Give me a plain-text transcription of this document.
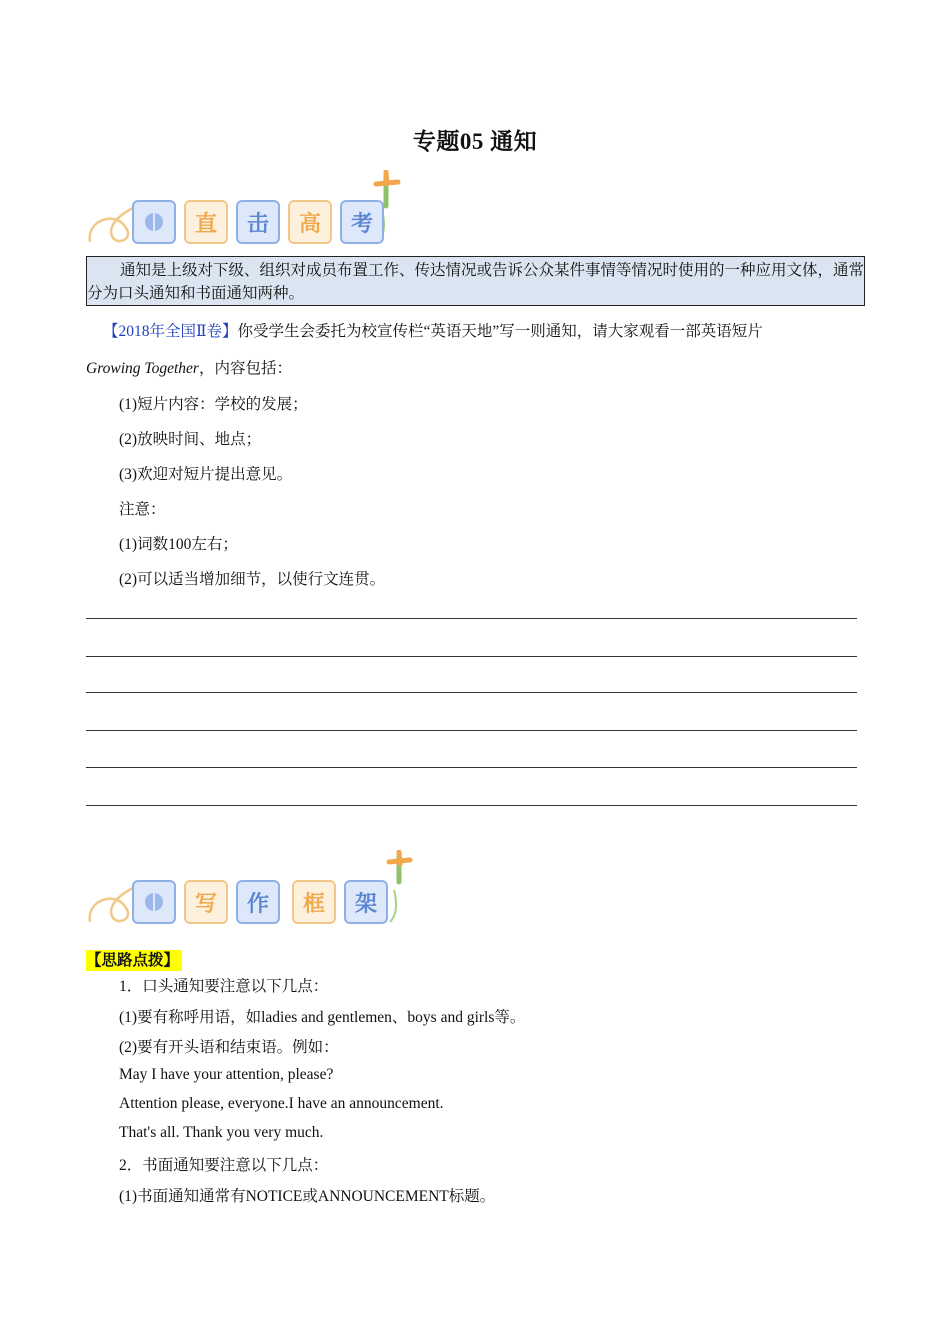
专题05 通知
直	击	高	考

通知是上级对下级、组织对成员布置工作、传达情况或告诉公众某件事情等情况时使用的一种应用文体，通常分为口头通知和书面通知两种。

【2018年全国Ⅱ卷】你受学生会委托为校宣传栏“英语天地”写一则通知，请大家观看一部英语短片
Growing Together，内容包括：
(1)短片内容：学校的发展；
(2)放映时间、地点；
(3)欢迎对短片提出意见。
注意：
(1)词数100左右；
(2)可以适当增加细节，以使行文连贯。
写	作	框	架
【思路点拨】
1．口头通知要注意以下几点：
(1)要有称呼用语，如ladies and gentlemen、boys and girls等。
(2)要有开头语和结束语。例如：
May I have your attention, please?
Attention please, everyone.I have an announcement.
That's all. Thank you very much.
2．书面通知要注意以下几点：
(1)书面通知通常有NOTICE或ANNOUNCEMENT标题。
